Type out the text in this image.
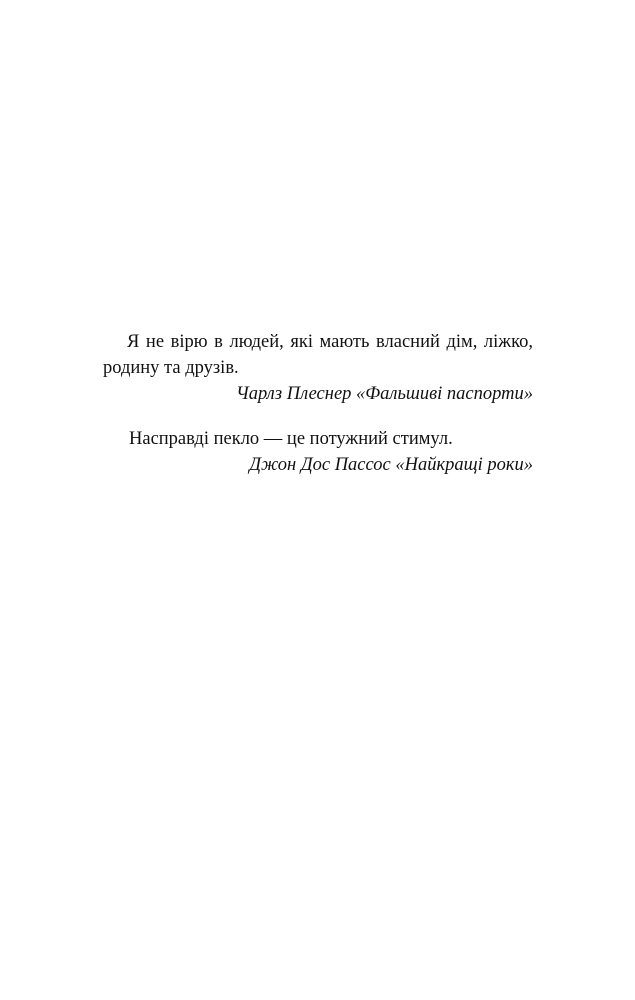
Я не вірю в людей, які мають власний дім, ліжко, родину та друзів.

Чарлз Плеснер «Фальшиві паспорти»

Насправді пекло — це потужний стимул.

Джон Дос Пассос «Найкращі роки»
